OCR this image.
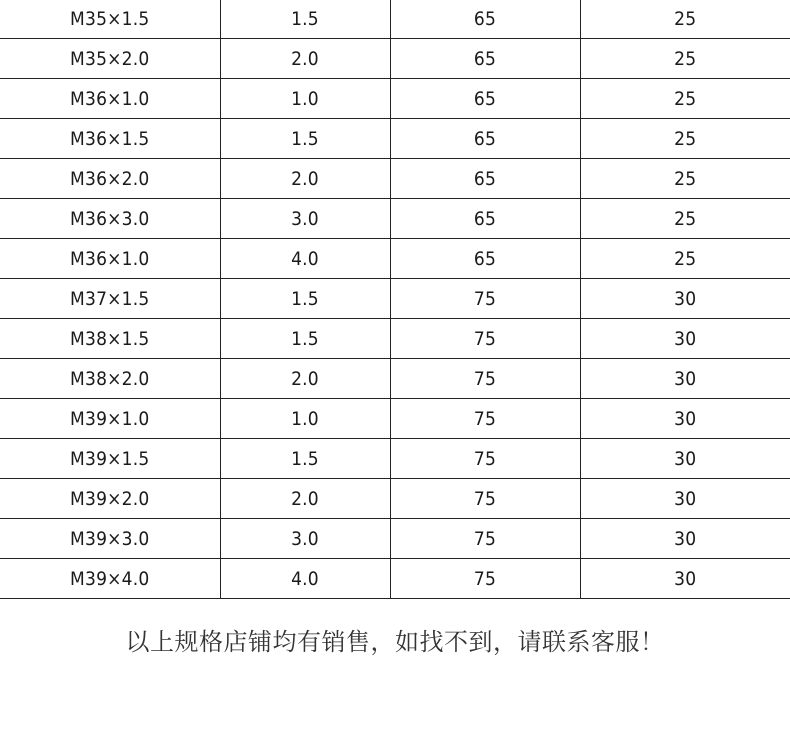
M35×1.5	1.5	65	25
M35×2.0	2.0	65	25
M36×1.0	1.0	65	25
M36×1.5	1.5	65	25
M36×2.0	2.0	65	25
M36×3.0	3.0	65	25
M36×1.0	4.0	65	25
M37×1.5	1.5	75	30
M38×1.5	1.5	75	30
M38×2.0	2.0	75	30
M39×1.0	1.0	75	30
M39×1.5	1.5	75	30
M39×2.0	2.0	75	30
M39×3.0	3.0	75	30
M39×4.0	4.0	75	30
以上规格店铺均有销售，如找不到，请联系客服！
